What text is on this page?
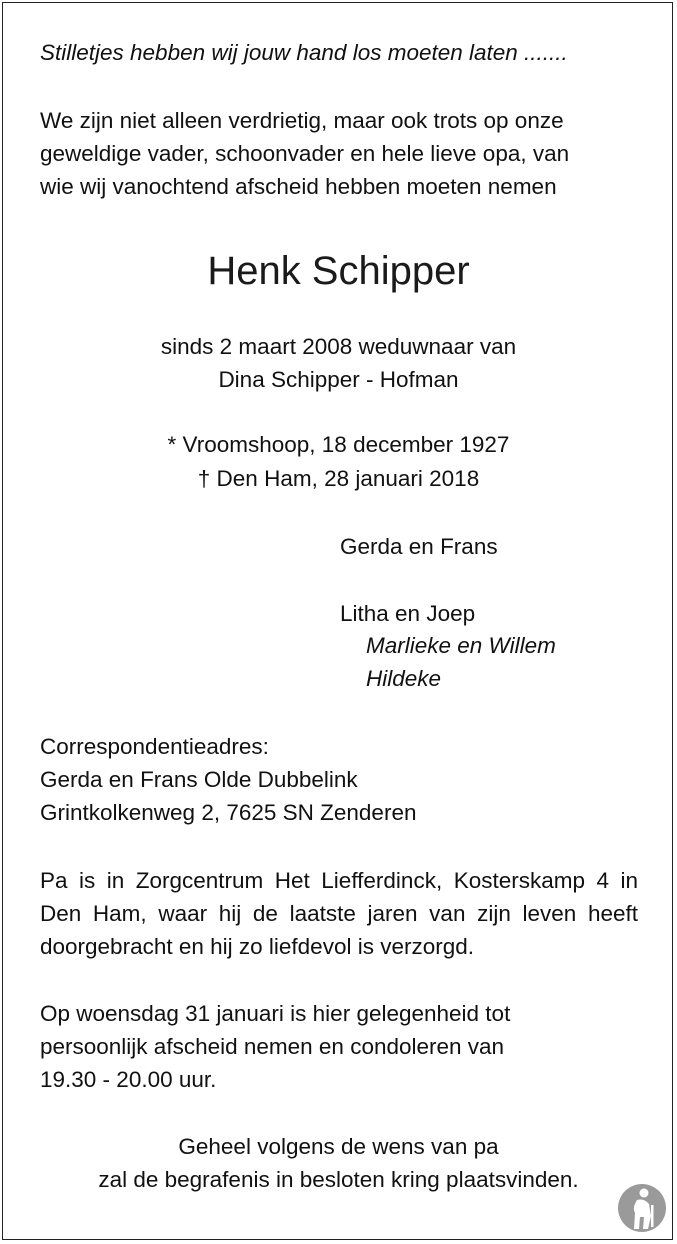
Stilletjes hebben wij jouw hand los moeten laten .......

We zijn niet alleen verdrietig, maar ook trots op onze

geweldige vader, schoonvader en hele lieve opa, van

wie wij vanochtend afscheid hebben moeten nemen

Henk Schipper

sinds 2 maart 2008 weduwnaar van

Dina Schipper - Hofman

* Vroomshoop, 18 december 1927

† Den Ham, 28 januari 2018

Gerda en Frans

Litha en Joep

Marlieke en Willem

Hildeke

Correspondentieadres:

Gerda en Frans Olde Dubbelink

Grintkolkenweg 2, 7625 SN Zenderen

Pa is in Zorgcentrum Het Liefferdinck, Kosterskamp 4 in Den Ham, waar hij de laatste jaren van zijn leven heeft doorgebracht en hij zo liefdevol is verzorgd.

Op woensdag 31 januari is hier gelegenheid tot

persoonlijk afscheid nemen en condoleren van

19.30 - 20.00 uur.

Geheel volgens de wens van pa

zal de begrafenis in besloten kring plaatsvinden.
